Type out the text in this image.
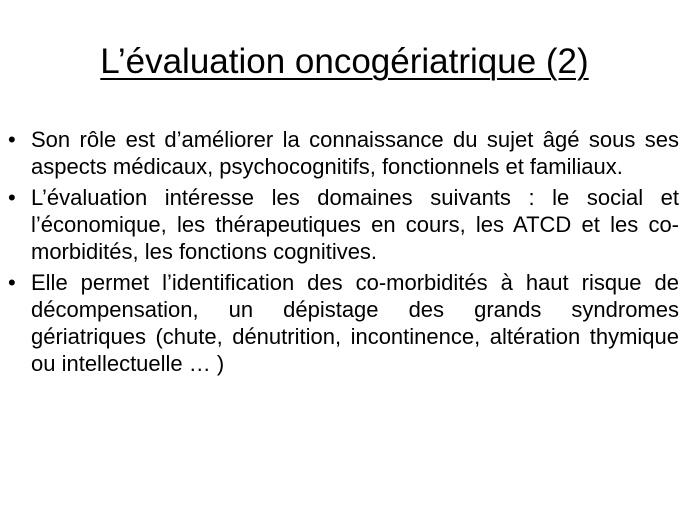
L’évaluation oncogériatrique (2)
• Son rôle est d’améliorer la connaissance du sujet âgé sous ses aspects médicaux, psychocognitifs, fonctionnels et familiaux.
• L’évaluation intéresse les domaines suivants : le social et l’économique, les thérapeutiques en cours, les ATCD et les co-morbidités, les fonctions cognitives.
• Elle permet l’identification des co-morbidités à haut risque de décompensation, un dépistage des grands syndromes gériatriques (chute, dénutrition, incontinence, altération thymique ou intellectuelle … )
